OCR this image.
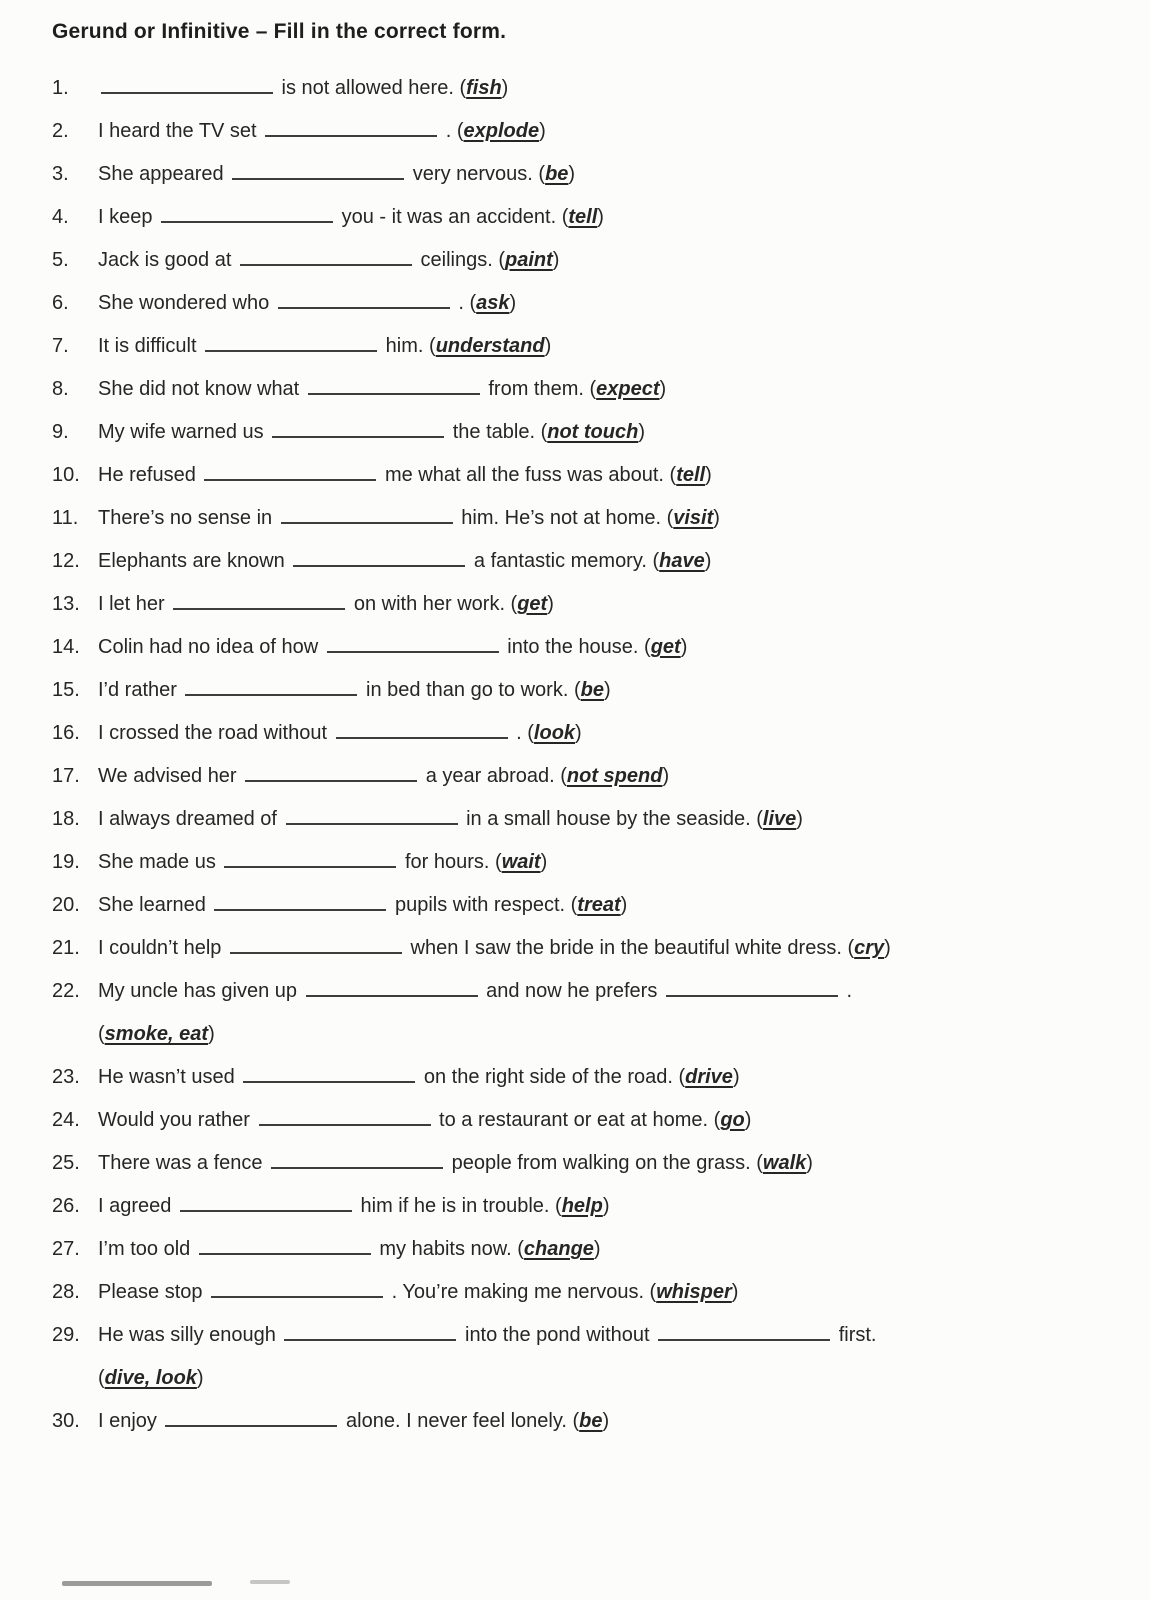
Gerund or Infinitive – Fill in the correct form.
1.	is not allowed here. (fish)
2.	I heard the TV set	. (explode)
3.	She appeared	very nervous. (be)
4.	I keep	you - it was an accident. (tell)
5.	Jack is good at	ceilings. (paint)
6.	She wondered who	. (ask)
7.	It is difficult	him. (understand)
8.	She did not know what	from them. (expect)
9.	My wife warned us	the table. (not touch)
10. He refused	me what all the fuss was about. (tell)
11. There’s no sense in	him. He’s not at home. (visit)
12. Elephants are known	a fantastic memory. (have)
13. I let her	on with her work. (get)
14. Colin had no idea of how	into the house. (get)
15. I’d rather	in bed than go to work. (be)
16. I crossed the road without	. (look)
17. We advised her	a year abroad. (not spend)
18. I always dreamed of	in a small house by the seaside. (live)
19. She made us	for hours. (wait)
20. She learned	pupils with respect. (treat)
21. I couldn’t help	when I saw the bride in the beautiful white dress. (cry)
22. My uncle has given up	and now he prefers	.
(smoke, eat)
23. He wasn’t used	on the right side of the road. (drive)
24. Would you rather	to a restaurant or eat at home. (go)
25. There was a fence	people from walking on the grass. (walk)
26. I agreed	him if he is in trouble. (help)
27. I’m too old	my habits now. (change)
28. Please stop	. You’re making me nervous. (whisper)
29. He was silly enough	into the pond without	first.
(dive, look)
30. I enjoy	alone. I never feel lonely. (be)
